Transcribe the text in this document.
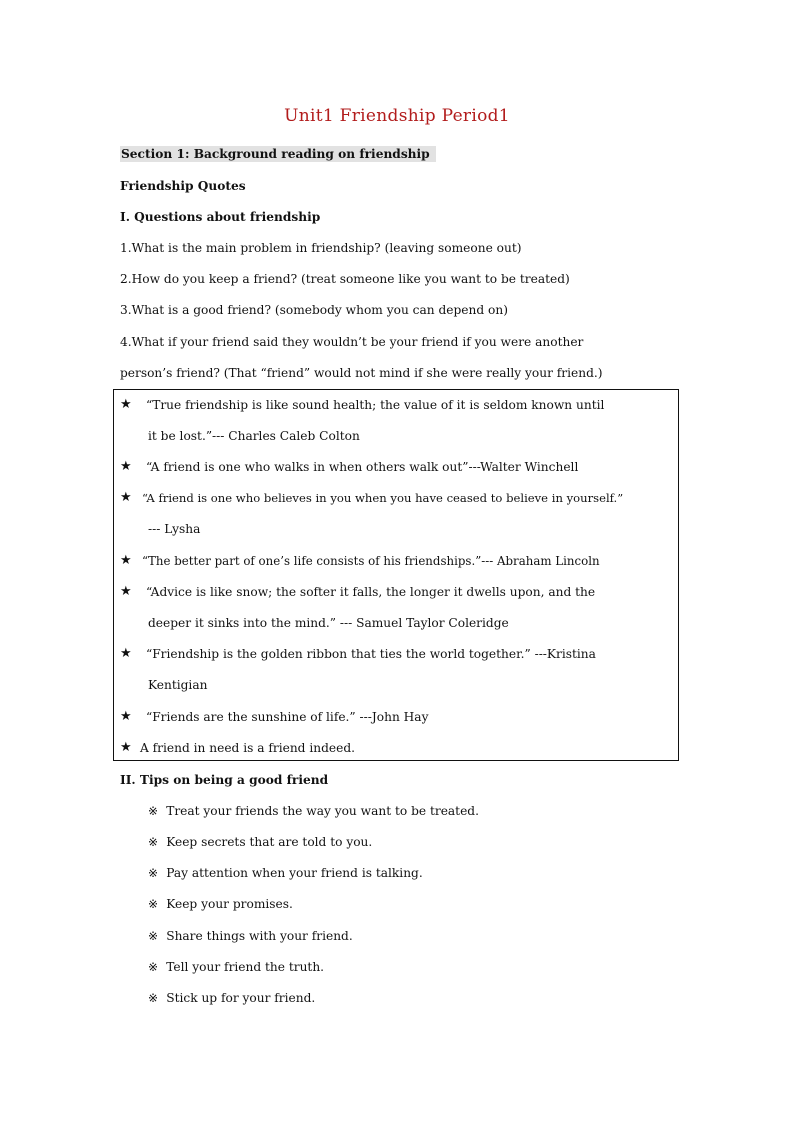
Unit1 Friendship Period1
Section 1: Background reading on friendship
Friendship Quotes
I. Questions about friendship
1.What is the main problem in friendship? (leaving someone out)
2.How do you keep a friend? (treat someone like you want to be treated)
3.What is a good friend? (somebody whom you can depend on)
4.What if your friend said they wouldn’t be your friend if you were another
person’s friend? (That “friend” would not mind if she were really your friend.)
★ “True friendship is like sound health; the value of it is seldom known until
it be lost.”--- Charles Caleb Colton
★ “A friend is one who walks in when others walk out”---Walter Winchell
★ “A friend is one who believes in you when you have ceased to believe in yourself.”
--- Lysha
★ “The better part of one’s life consists of his friendships.”--- Abraham Lincoln
★ “Advice is like snow; the softer it falls, the longer it dwells upon, and the
deeper it sinks into the mind.” --- Samuel Taylor Coleridge
★ “Friendship is the golden ribbon that ties the world together.” ---Kristina
Kentigian
★ “Friends are the sunshine of life.” ---John Hay
★ A friend in need is a friend indeed.
II. Tips on being a good friend
※ Treat your friends the way you want to be treated.
※ Keep secrets that are told to you.
※ Pay attention when your friend is talking.
※ Keep your promises.
※ Share things with your friend.
※ Tell your friend the truth.
※ Stick up for your friend.
